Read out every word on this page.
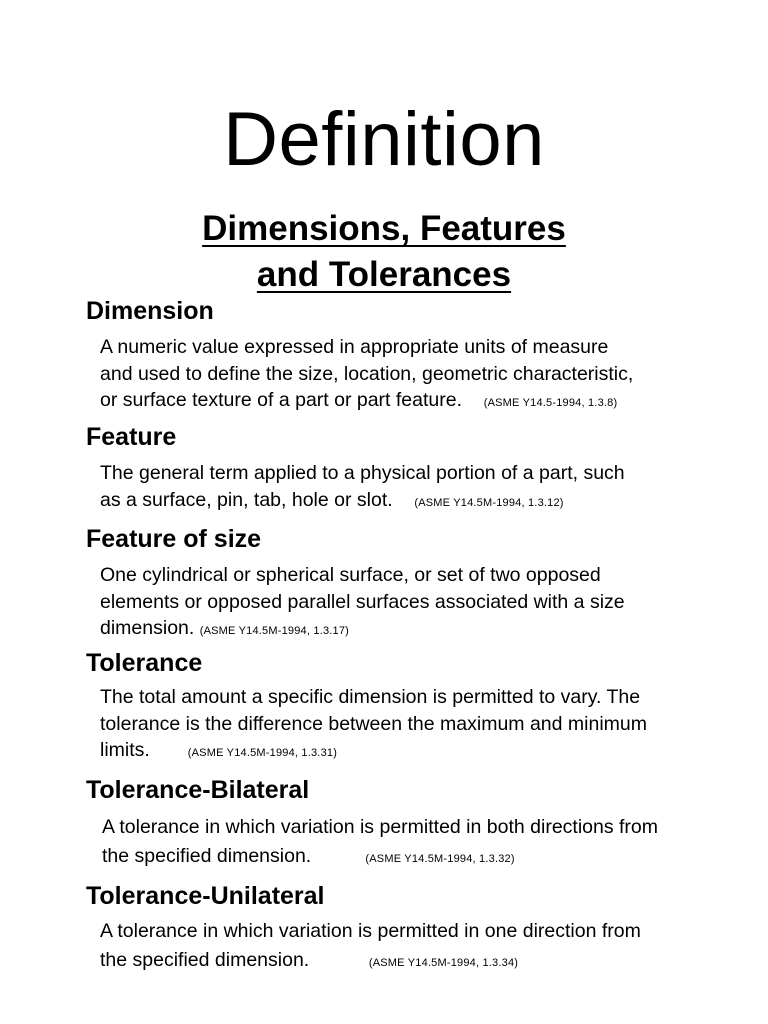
Definition
Dimensions, Features
and Tolerances
Dimension
A numeric value expressed in appropriate units of measure
and used to define the size, location, geometric characteristic,
or surface texture of a part or part feature. (ASME Y14.5-1994, 1.3.8)
Feature
The general term applied to a physical portion of a part, such
as a surface, pin, tab, hole or slot. (ASME Y14.5M-1994, 1.3.12)
Feature of size
One cylindrical or spherical surface, or set of two opposed
elements or opposed parallel surfaces associated with a size
dimension. (ASME Y14.5M-1994, 1.3.17)
Tolerance
The total amount a specific dimension is permitted to vary. The
tolerance is the difference between the maximum and minimum
limits.	(ASME Y14.5M-1994, 1.3.31)
Tolerance-Bilateral
A tolerance in which variation is permitted in both directions from
the specified dimension.	(ASME Y14.5M-1994, 1.3.32)
Tolerance-Unilateral
A tolerance in which variation is permitted in one direction from
the specified dimension.	(ASME Y14.5M-1994, 1.3.34)
